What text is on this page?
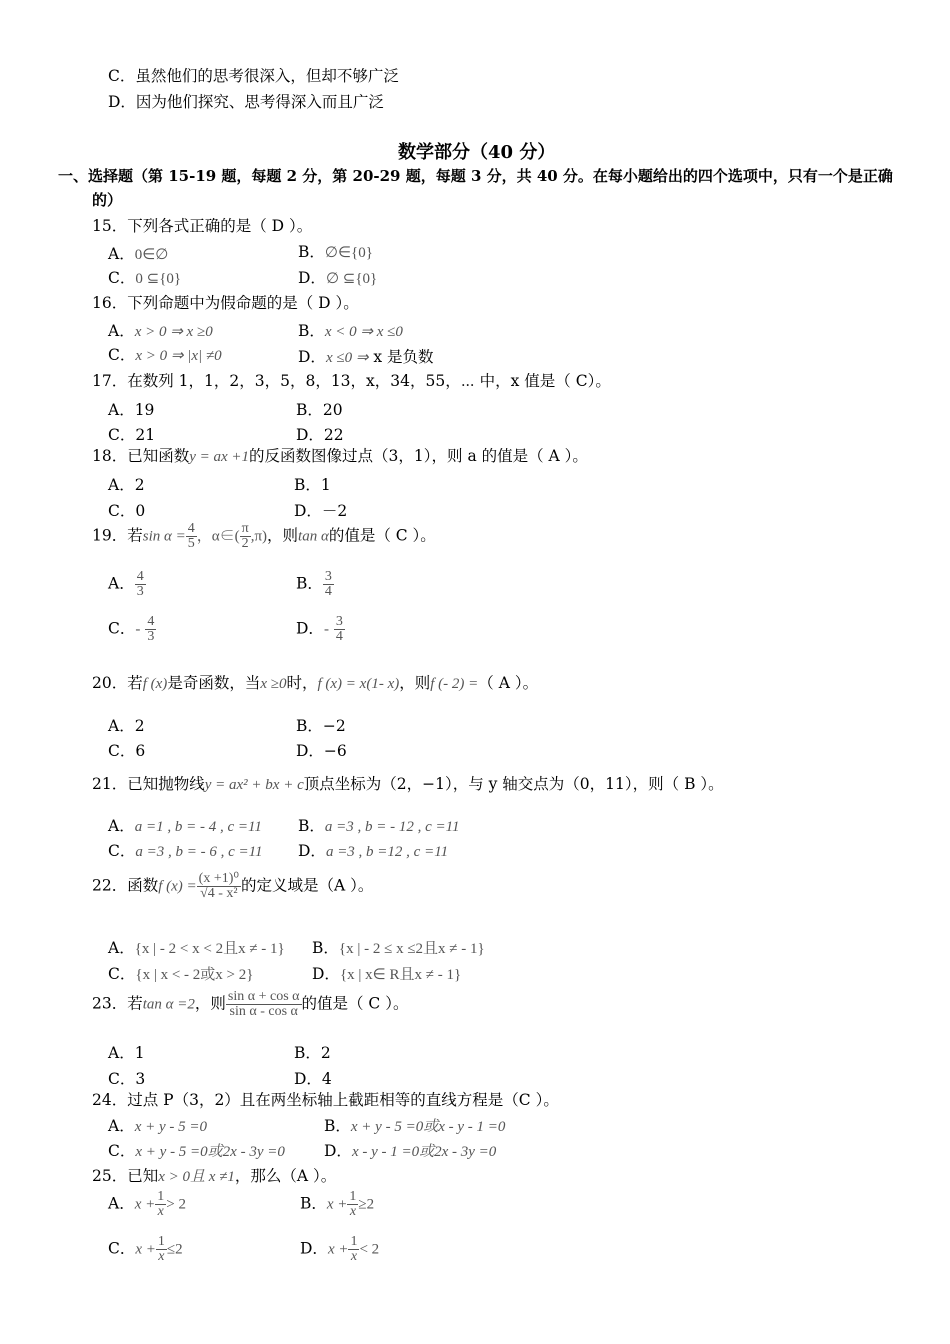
C．虽然他们的思考很深入，但却不够广泛
D．因为他们探究、思考得深入而且广泛
数学部分（40 分）
一、选择题（第 15-19 题，每题 2 分，第 20-29 题，每题 3 分，共 40 分。在每小题给出的四个选项中，只有一个是正确
的）
15．下列各式正确的是（ D ）。
A．0∈∅	B．∅∈{0}
C．0 ⊆{0}	D．∅ ⊆{0}
16．下列命题中为假命题的是（ D ）。
A．x > 0 ⇒ x ≥0	B．x < 0 ⇒ x ≤0
C．x > 0 ⇒ |x| ≠0	D．x ≤0 ⇒ x 是负数
17．在数列 1，1，2，3，5，8，13，x，34，55，⋯ 中，x 值是（ C）。
A．19	B．20
C．21	D．22
18．已知函数y = ax +1的反函数图像过点（3，1），则 a 的值是（ A ）。
A．2	B．1
C．0	D．－2
19．若$\sin \alpha = \frac{4}{5}$ ，α∈( $\frac{\pi}{2} ,\pi$)，则tan α的值是（ C ）。
A． $\frac{4}{3}$	B． $\frac{3}{4}$
C．- $\frac{4}{3}$	D．- $\frac{3}{4}$
20．若f (x)是奇函数，当x ≥0时，f (x) = x(1- x)，则f (- 2) =（ A ）。
A．2	B．−2
C．6	D．−6
21．已知抛物线y = ax² + bx + c顶点坐标为（2，−1），与 y 轴交点为（0，11），则（ B ）。
A．a =1 , b = - 4 , c =11 B．a =3 , b = - 12 , c =11
C．a =3 , b = - 6 , c =11 D．a =3 , b =12 , c =11
22．函数f $(x) = \frac{\text{(x +1)⁰}}{\text{√4 - x²}}$ 的定义域是（A ）。
A．{x | - 2 < x < 2且x ≠ - 1} B．{x | - 2 ≤ x ≤2且x ≠ - 1}
C．{x | x < - 2或x > 2}	D．{x | x∈ R且x ≠ - 1}
23．若tan α =2，则 $\frac{\text{sin α + cos α}}{\text{sin α - cos α}}$ 的值是（ C ）。
A．1	B．2
C．3	D．4
24．过点 P（3，2）且在两坐标轴上截距相等的直线方程是（C ）。
A．x + y - 5 =0	B．x + y - 5 =0或x - y - 1 =0
C．x + y - 5 =0或2x - 3y =0	D．x - y - 1 =0或2x - 3y =0
25．已知x > 0且 x ≠1，那么（A ）。
A．$x + \frac{1}{x} > 2$	B．$x + \frac{1}{x} \ge 2$
C．$x + \frac{1}{x} \le 2$	D．$x + \frac{1}{x} < 2$
